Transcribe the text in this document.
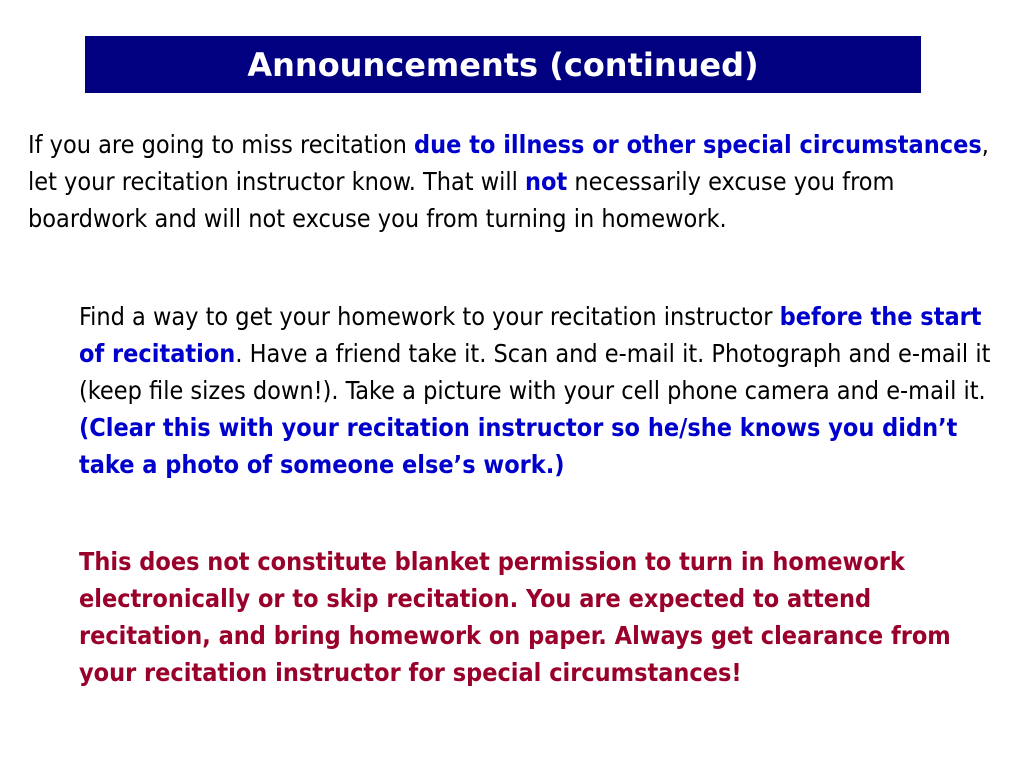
Announcements (continued)

If you are going to miss recitation due to illness or other special circumstances, let your recitation instructor know. That will not necessarily excuse you from boardwork and will not excuse you from turning in homework.

Find a way to get your homework to your recitation instructor before the start of recitation. Have a friend take it. Scan and e-mail it. Photograph and e-mail it (keep file sizes down!). Take a picture with your cell phone camera and e-mail it. (Clear this with your recitation instructor so he/she knows you didn’t take a photo of someone else’s work.)

This does not constitute blanket permission to turn in homework electronically or to skip recitation. You are expected to attend recitation, and bring homework on paper. Always get clearance from your recitation instructor for special circumstances!
